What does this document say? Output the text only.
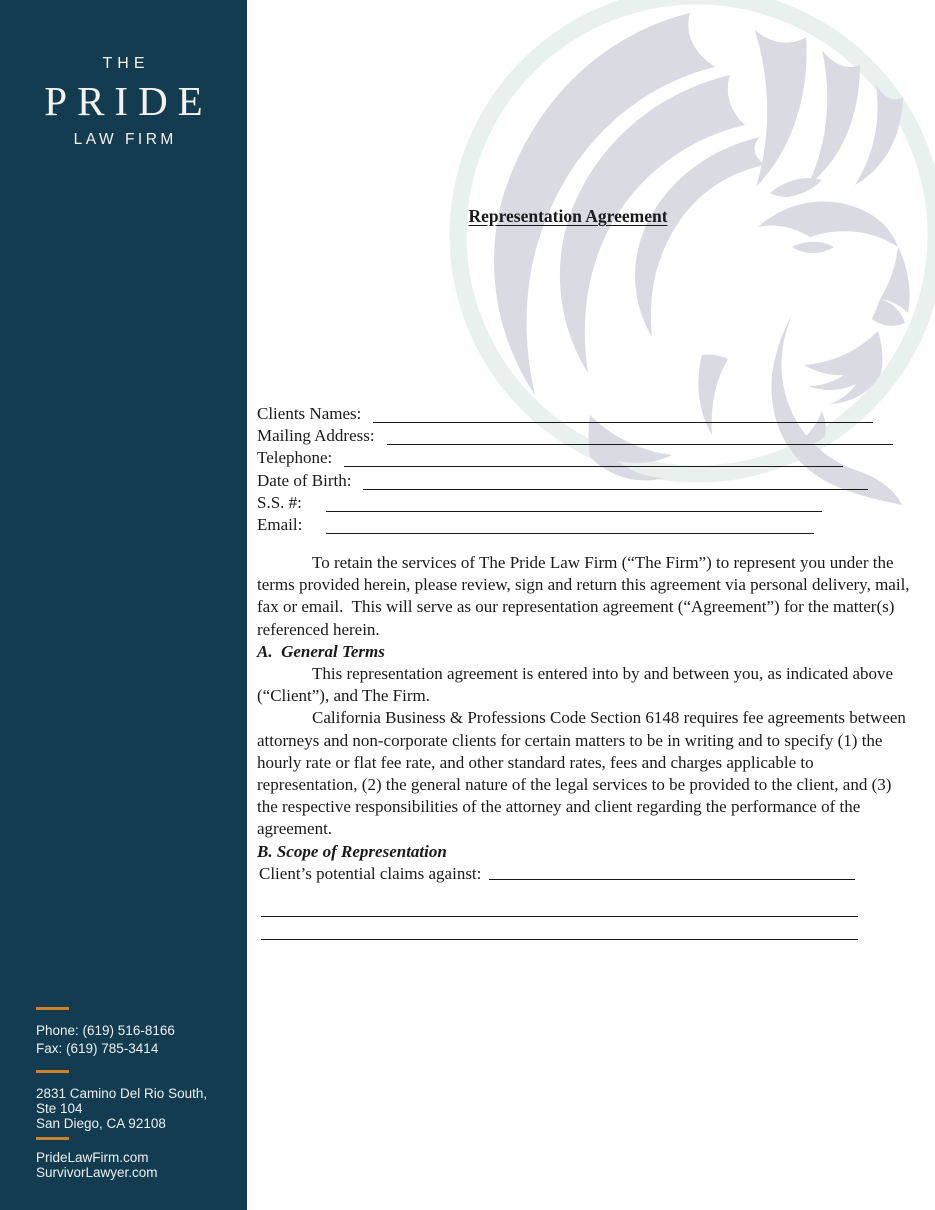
THE
PRIDE
LAW FIRM
Phone: (619) 516-8166
Fax: (619) 785-3414
2831 Camino Del Rio South,
Ste 104
San Diego, CA 92108
PrideLawFirm.com
SurvivorLawyer.com
Representation Agreement
Clients Names:
Mailing Address:
Telephone:
Date of Birth:
S.S. #:
Email:

To retain the services of The Pride Law Firm (“The Firm”) to represent you under the terms provided herein, please review, sign and return this agreement via personal delivery, mail, fax or email.  This will serve as our representation agreement (“Agreement”) for the matter(s) referenced herein.

A.  General Terms

This representation agreement is entered into by and between you, as indicated above (“Client”), and The Firm.

California Business & Professions Code Section 6148 requires fee agreements between attorneys and non-corporate clients for certain matters to be in writing and to specify (1) the hourly rate or flat fee rate, and other standard rates, fees and charges applicable to representation, (2) the general nature of the legal services to be provided to the client, and (3) the respective responsibilities of the attorney and client regarding the performance of the agreement.

B. Scope of Representation

Client’s potential claims against:
